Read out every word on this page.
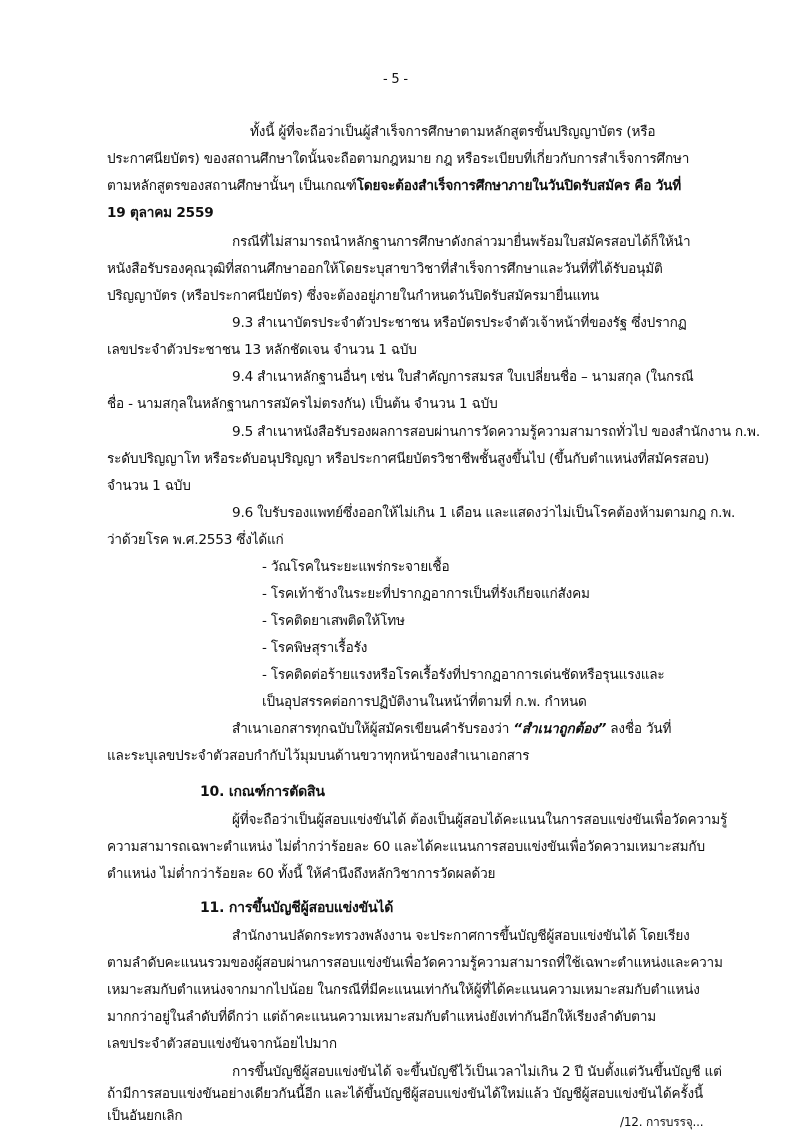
- 5 -
ทั้งนี้ ผู้ที่จะถือว่าเป็นผู้สำเร็จการศึกษาตามหลักสูตรขั้นปริญญาบัตร (หรือ
ประกาศนียบัตร) ของสถานศึกษาใดนั้นจะถือตามกฎหมาย กฎ หรือระเบียบที่เกี่ยวกับการสำเร็จการศึกษา
ตามหลักสูตรของสถานศึกษานั้นๆ เป็นเกณฑ์โดยจะต้องสำเร็จการศึกษาภายในวันปิดรับสมัคร คือ วันที่
19 ตุลาคม 2559
กรณีที่ไม่สามารถนำหลักฐานการศึกษาดังกล่าวมายื่นพร้อมใบสมัครสอบได้ก็ให้นำ
หนังสือรับรองคุณวุฒิที่สถานศึกษาออกให้โดยระบุสาขาวิชาที่สำเร็จการศึกษาและวันที่ที่ได้รับอนุมัติ
ปริญญาบัตร (หรือประกาศนียบัตร) ซึ่งจะต้องอยู่ภายในกำหนดวันปิดรับสมัครมายื่นแทน
9.3 สำเนาบัตรประจำตัวประชาชน หรือบัตรประจำตัวเจ้าหน้าที่ของรัฐ ซึ่งปรากฏ
เลขประจำตัวประชาชน 13 หลักชัดเจน จำนวน 1 ฉบับ
9.4 สำเนาหลักฐานอื่นๆ เช่น ใบสำคัญการสมรส ใบเปลี่ยนชื่อ – นามสกุล (ในกรณี
ชื่อ - นามสกุลในหลักฐานการสมัครไม่ตรงกัน) เป็นต้น จำนวน 1 ฉบับ
9.5 สำเนาหนังสือรับรองผลการสอบผ่านการวัดความรู้ความสามารถทั่วไป ของสำนักงาน ก.พ.
ระดับปริญญาโท หรือระดับอนุปริญญา หรือประกาศนียบัตรวิชาชีพชั้นสูงขึ้นไป (ขึ้นกับตำแหน่งที่สมัครสอบ)
จำนวน 1 ฉบับ
9.6 ใบรับรองแพทย์ซึ่งออกให้ไม่เกิน 1 เดือน และแสดงว่าไม่เป็นโรคต้องห้ามตามกฎ ก.พ.
ว่าด้วยโรค พ.ศ.2553 ซึ่งได้แก่
- วัณโรคในระยะแพร่กระจายเชื้อ
- โรคเท้าช้างในระยะที่ปรากฏอาการเป็นที่รังเกียจแก่สังคม
- โรคติดยาเสพติดให้โทษ
- โรคพิษสุราเรื้อรัง
- โรคติดต่อร้ายแรงหรือโรคเรื้อรังที่ปรากฏอาการเด่นชัดหรือรุนแรงและ
เป็นอุปสรรคต่อการปฏิบัติงานในหน้าที่ตามที่ ก.พ. กำหนด
สำเนาเอกสารทุกฉบับให้ผู้สมัครเขียนคำรับรองว่า “สำเนาถูกต้อง” ลงชื่อ วันที่
และระบุเลขประจำตัวสอบกำกับไว้มุมบนด้านขวาทุกหน้าของสำเนาเอกสาร
10. เกณฑ์การตัดสิน
ผู้ที่จะถือว่าเป็นผู้สอบแข่งขันได้ ต้องเป็นผู้สอบได้คะแนนในการสอบแข่งขันเพื่อวัดความรู้
ความสามารถเฉพาะตำแหน่ง ไม่ต่ำกว่าร้อยละ 60 และได้คะแนนการสอบแข่งขันเพื่อวัดความเหมาะสมกับ
ตำแหน่ง ไม่ต่ำกว่าร้อยละ 60 ทั้งนี้ ให้คำนึงถึงหลักวิชาการวัดผลด้วย
11. การขึ้นบัญชีผู้สอบแข่งขันได้
สำนักงานปลัดกระทรวงพลังงาน จะประกาศการขึ้นบัญชีผู้สอบแข่งขันได้ โดยเรียง
ตามลำดับคะแนนรวมของผู้สอบผ่านการสอบแข่งขันเพื่อวัดความรู้ความสามารถที่ใช้เฉพาะตำแหน่งและความ
เหมาะสมกับตำแหน่งจากมากไปน้อย ในกรณีที่มีคะแนนเท่ากันให้ผู้ที่ได้คะแนนความเหมาะสมกับตำแหน่ง
มากกว่าอยู่ในลำดับที่ดีกว่า แต่ถ้าคะแนนความเหมาะสมกับตำแหน่งยังเท่ากันอีกให้เรียงลำดับตาม
เลขประจำตัวสอบแข่งขันจากน้อยไปมาก
การขึ้นบัญชีผู้สอบแข่งขันได้ จะขึ้นบัญชีไว้เป็นเวลาไม่เกิน 2 ปี นับตั้งแต่วันขึ้นบัญชี แต่
ถ้ามีการสอบแข่งขันอย่างเดียวกันนี้อีก และได้ขึ้นบัญชีผู้สอบแข่งขันได้ใหม่แล้ว บัญชีผู้สอบแข่งขันได้ครั้งนี้
เป็นอันยกเลิก	/12. การบรรจุ...
